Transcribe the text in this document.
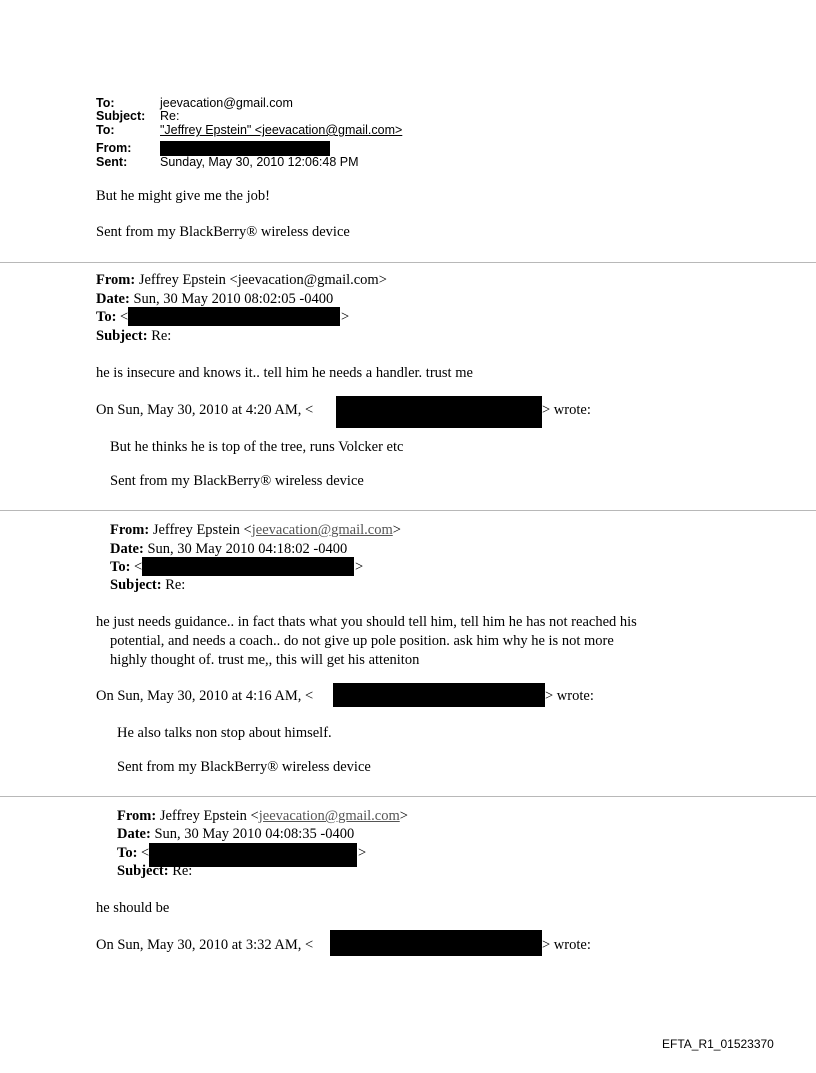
To:	jeevacation@gmail.com
Subject: Re:
To:	"Jeffrey Epstein" <jeevacation@gmail.com>
From:
Sent:	Sunday, May 30, 2010 12:06:48 PM
But he might give me the job!
Sent from my BlackBerry® wireless device
From: Jeffrey Epstein <jeevacation@gmail.com>
Date: Sun, 30 May 2010 08:02:05 -0400
To: <	>
Subject: Re:
he is insecure and knows it.. tell him he needs a handler. trust me
On Sun, May 30, 2010 at 4:20 AM, <	> wrote:
But he thinks he is top of the tree, runs Volcker etc
Sent from my BlackBerry® wireless device
From: Jeffrey Epstein <jeevacation@gmail.com>
Date: Sun, 30 May 2010 04:18:02 -0400
To: <	>
Subject: Re:
he just needs guidance.. in fact thats what you should tell him, tell him he has not reached his
potential, and needs a coach.. do not give up pole position. ask him why he is not more
highly thought of. trust me,, this will get his atteniton
On Sun, May 30, 2010 at 4:16 AM, <	> wrote:
He also talks non stop about himself.
Sent from my BlackBerry® wireless device
From: Jeffrey Epstein <jeevacation@gmail.com>
Date: Sun, 30 May 2010 04:08:35 -0400
To: <	>
Subject: Re:
he should be
On Sun, May 30, 2010 at 3:32 AM, <	> wrote:
EFTA_R1_01523370
